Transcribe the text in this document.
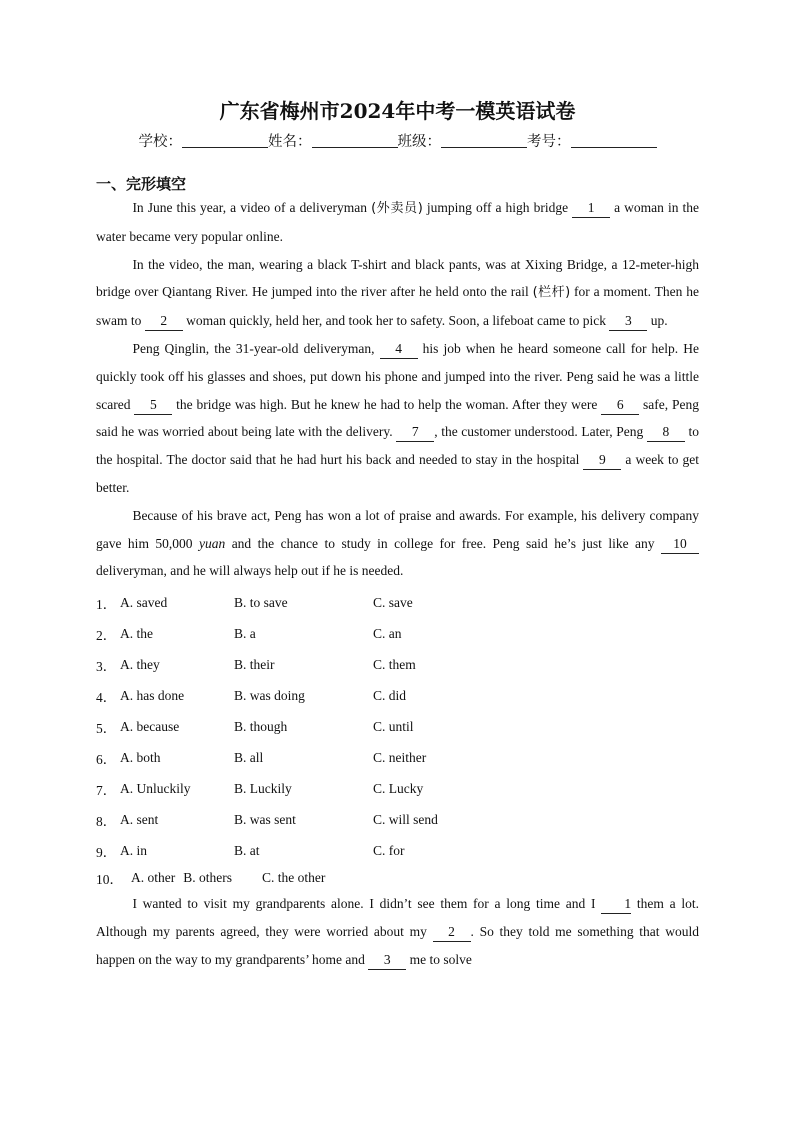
广东省梅州市2024年中考一模英语试卷
学校：	姓名：	班级：	考号：
一、完形填空

In June this year, a video of a deliveryman (外卖员) jumping off a high bridge 1 a woman in the water became very popular online.

In the video, the man, wearing a black T-shirt and black pants, was at Xixing Bridge, a 12-meter-high bridge over Qiantang River. He jumped into the river after he held onto the rail (栏杆) for a moment. Then he swam to 2 woman quickly, held her, and took her to safety. Soon, a lifeboat came to pick 3 up.

Peng Qinglin, the 31-year-old deliveryman, 4 his job when he heard someone call for help. He quickly took off his glasses and shoes, put down his phone and jumped into the river. Peng said he was a little scared 5 the bridge was high. But he knew he had to help the woman. After they were 6 safe, Peng said he was worried about being late with the delivery. 7 , the customer understood. Later, Peng 8 to the hospital. The doctor said that he had hurt his back and needed to stay in the hospital 9 a week to get better.

Because of his brave act, Peng has won a lot of praise and awards. For example, his delivery company gave him 50,000 yuan and the chance to study in college for free. Peng said he’s just like any 10 deliveryman, and he will always help out if he is needed.

1． A. saved	B. to save	C. save
2． A. the	B. a	C. an
3． A. they	B. their	C. them
4． A. has done	B. was doing	C. did
5． A. because	B. though	C. until
6． A. both	B. all	C. neither
7． A. Unluckily	B. Luckily	C. Lucky
8． A. sent	B. was sent	C. will send
9． A. in	B. at	C. for
10． A. other B. others C. the other

I wanted to visit my grandparents alone. I didn’t see them for a long time and I 1 them a lot. Although my parents agreed, they were worried about my 2 . So they told me something that would happen on the way to my grandparents’ home and 3 me to solve
